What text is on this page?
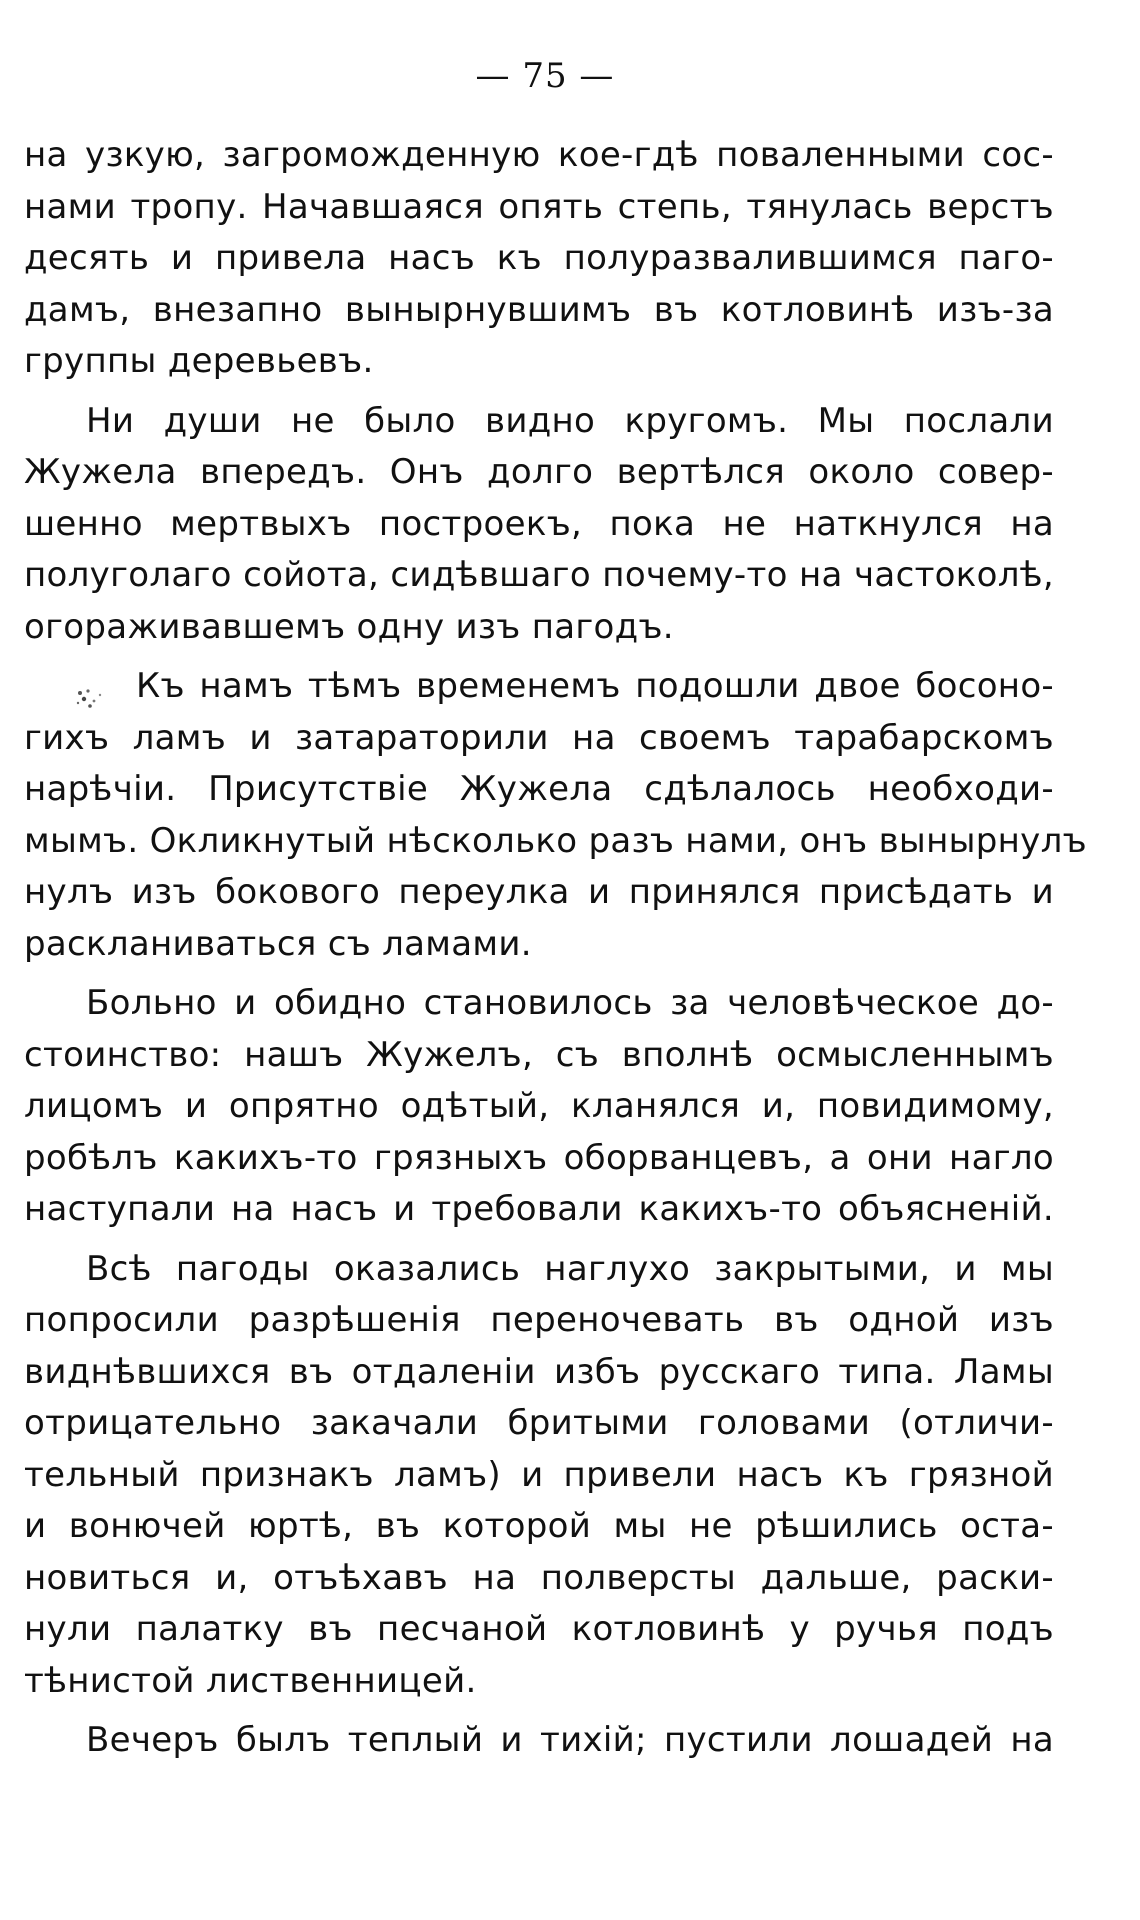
— 75 —
на узкую, загроможденную кое-гдѣ поваленными сос-
нами тропу. Начавшаяся опять степь, тянулась верстъ
десять и привела насъ къ полуразвалившимся паго-
дамъ, внезапно вынырнувшимъ въ котловинѣ изъ-за
группы деревьевъ.
Ни души не было видно кругомъ. Мы послали
Жужела впередъ. Онъ долго вертѣлся около совер-
шенно мертвыхъ построекъ, пока не наткнулся на
полуголаго сойота, сидѣвшаго почему-то на частоколѣ,
огораживавшемъ одну изъ пагодъ.
Къ намъ тѣмъ временемъ подошли двое босоно-
гихъ ламъ и затараторили на своемъ тарабарскомъ
нарѣчіи. Присутствіе Жужела сдѣлалось необходи-
мымъ. Окликнутый нѣсколько разъ нами, онъ вынырнулъ
нулъ изъ бокового переулка и принялся присѣдать и
раскланиваться съ ламами.
Больно и обидно становилось за человѣческое до-
стоинство: нашъ Жужелъ, съ вполнѣ осмысленнымъ
лицомъ и опрятно одѣтый, кланялся и, повидимому,
робѣлъ какихъ-то грязныхъ оборванцевъ, а они нагло
наступали на насъ и требовали какихъ-то объясненій.
Всѣ пагоды оказались наглухо закрытыми, и мы
попросили разрѣшенія переночевать въ одной изъ
виднѣвшихся въ отдаленіи избъ русскаго типа. Ламы
отрицательно закачали бритыми головами (отличи-
тельный признакъ ламъ) и привели насъ къ грязной
и вонючей юртѣ, въ которой мы не рѣшились оста-
новиться и, отъѣхавъ на полверсты дальше, раски-
нули палатку въ песчаной котловинѣ у ручья подъ
тѣнистой лиственницей.
Вечеръ былъ теплый и тихій; пустили лошадей на
